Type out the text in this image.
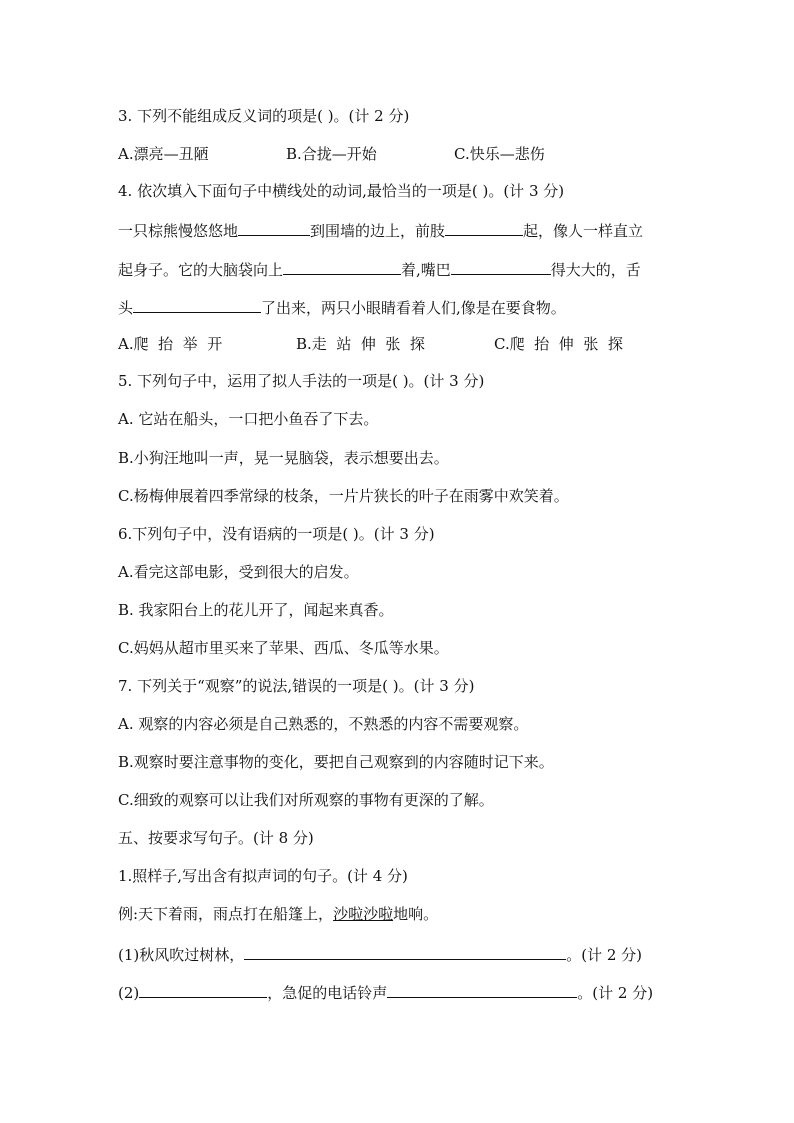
3. 下列不能组成反义词的项是( )。(计 2 分)
A.漂亮—丑陋	B.合拢—开始	C.快乐—悲伤
4. 依次填入下面句子中横线处的动词,最恰当的一项是( )。(计 3 分)
一只棕熊慢悠悠地	到围墙的边上，前肢	起，像人一样直立
起身子。它的大脑袋向上	着,嘴巴	得大大的，舌
头	了出来，两只小眼睛看着人们,像是在要食物。
A.爬  抬  举  开	B.走  站  伸  张  探	C.爬  抬  伸  张  探
5. 下列句子中，运用了拟人手法的一项是( )。(计 3 分)
A. 它站在船头，一口把小鱼吞了下去。
B.小狗汪地叫一声，晃一晃脑袋，表示想要出去。
C.杨梅伸展着四季常绿的枝条，一片片狭长的叶子在雨雾中欢笑着。
6.下列句子中，没有语病的一项是( )。(计 3 分)
A.看完这部电影，受到很大的启发。
B. 我家阳台上的花儿开了，闻起来真香。
C.妈妈从超市里买来了苹果、西瓜、冬瓜等水果。
7. 下列关于“观察”的说法,错误的一项是( )。(计 3 分)
A. 观察的内容必须是自己熟悉的，不熟悉的内容不需要观察。
B.观察时要注意事物的变化，要把自己观察到的内容随时记下来。
C.细致的观察可以让我们对所观察的事物有更深的了解。
五、按要求写句子。(计 8 分)
1.照样子,写出含有拟声词的句子。(计 4 分)
例:天下着雨，雨点打在船篷上，沙啦沙啦地响。
(1)秋风吹过树林，	。(计 2 分)
(2)	，急促的电话铃声	。(计 2 分)
